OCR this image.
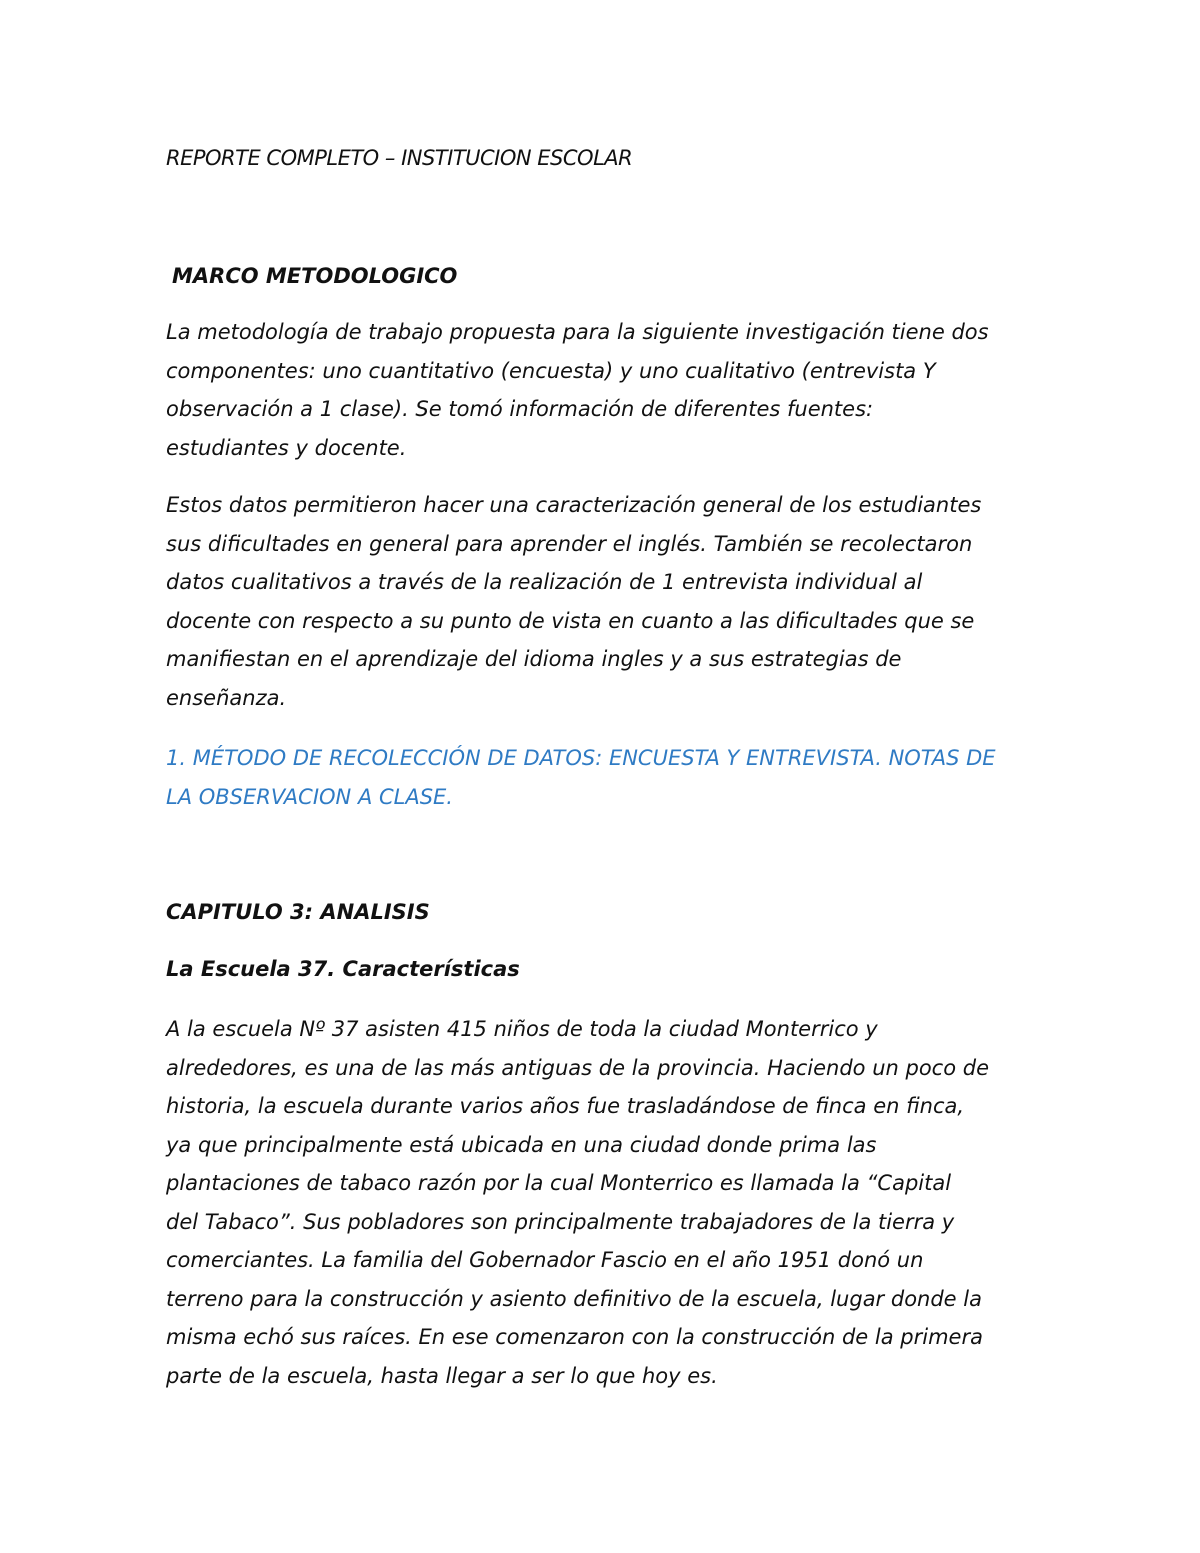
REPORTE COMPLETO – INSTITUCION ESCOLAR

MARCO METODOLOGICO

La metodología de trabajo propuesta para la siguiente investigación tiene dos
componentes: uno cuantitativo (encuesta) y uno cualitativo (entrevista Y
observación a 1 clase). Se tomó información de diferentes fuentes:
estudiantes y docente.

Estos datos permitieron hacer una caracterización general de los estudiantes
sus dificultades en general para aprender el inglés. También se recolectaron
datos cualitativos a través de la realización de 1 entrevista individual al
docente con respecto a su punto de vista en cuanto a las dificultades que se
manifiestan en el aprendizaje del idioma ingles y a sus estrategias de
enseñanza.

1. MÉTODO DE RECOLECCIÓN DE DATOS: ENCUESTA Y ENTREVISTA. NOTAS DE
LA OBSERVACION A CLASE.

CAPITULO 3: ANALISIS

La Escuela 37. Características

A la escuela Nº 37 asisten 415 niños de toda la ciudad Monterrico y
alrededores, es una de las más antiguas de la provincia. Haciendo un poco de
historia, la escuela durante varios años fue trasladándose de finca en finca,
ya que principalmente está ubicada en una ciudad donde prima las
plantaciones de tabaco razón por la cual Monterrico es llamada la “Capital
del Tabaco”. Sus pobladores son principalmente trabajadores de la tierra y
comerciantes. La familia del Gobernador Fascio en el año 1951 donó un
terreno para la construcción y asiento definitivo de la escuela, lugar donde la
misma echó sus raíces. En ese comenzaron con la construcción de la primera
parte de la escuela, hasta llegar a ser lo que hoy es.
